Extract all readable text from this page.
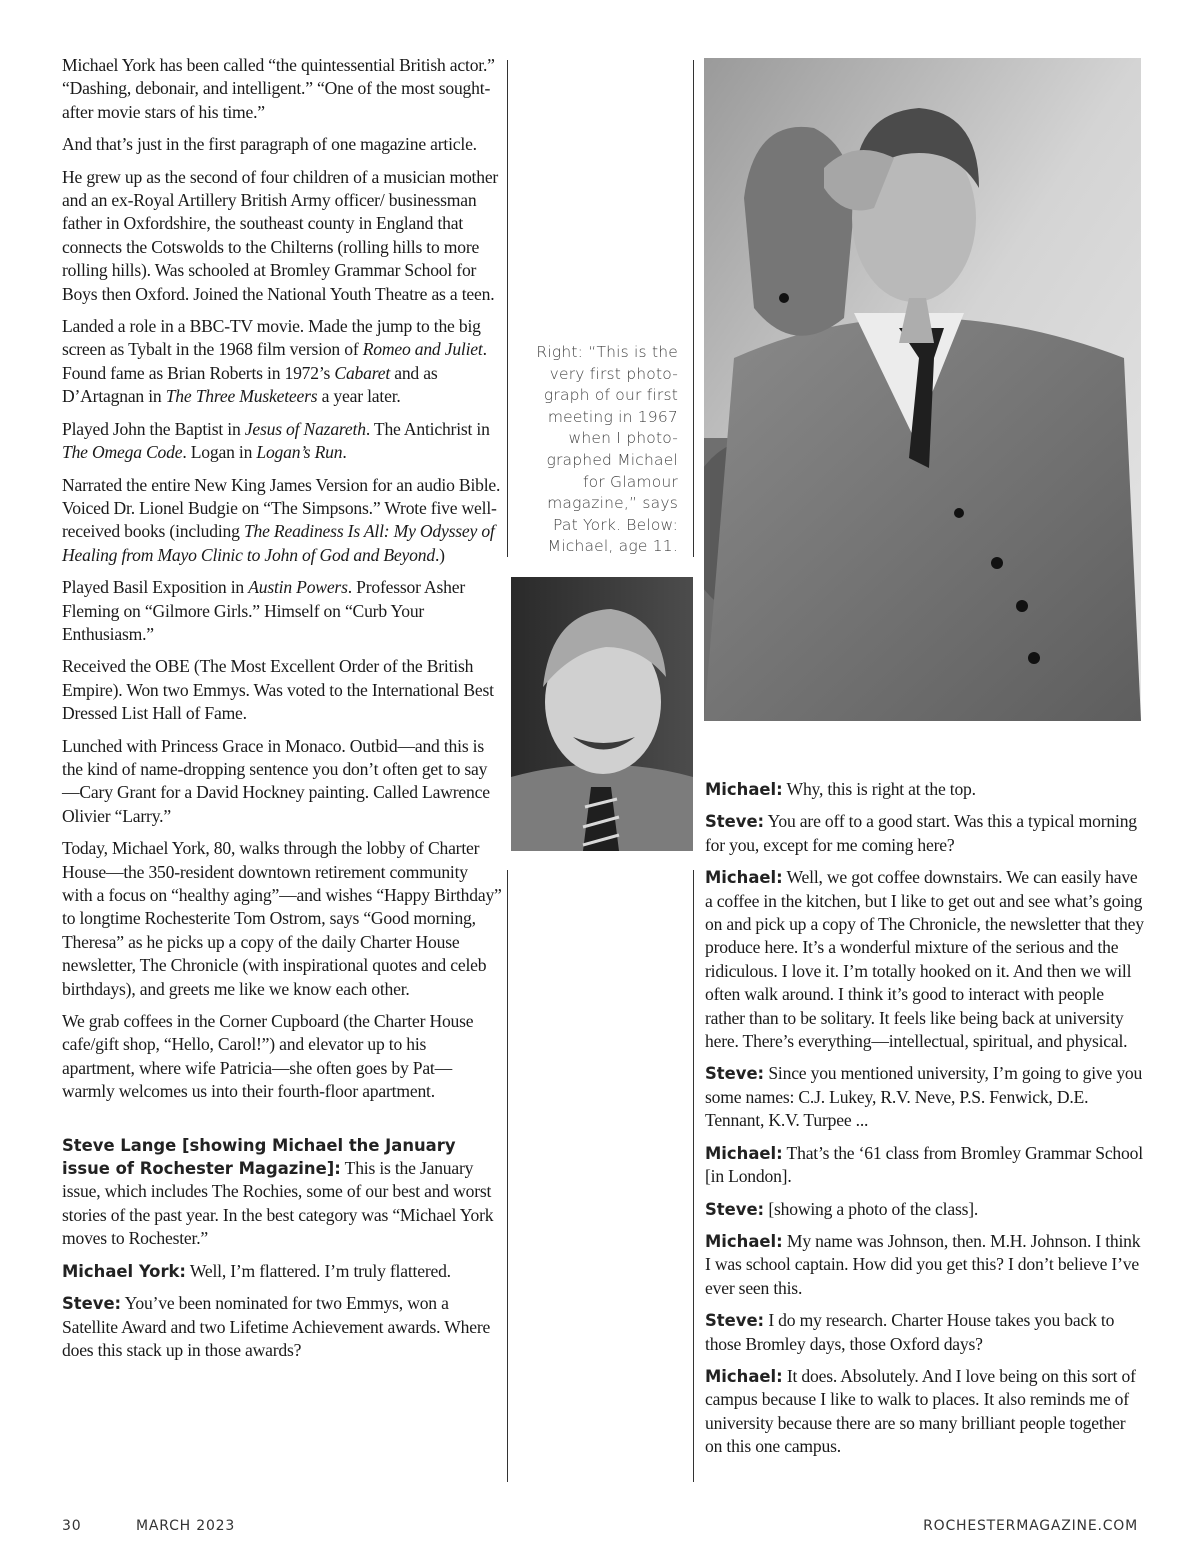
Michael York has been called “the quintessential British actor.” “Dashing, debonair, and intelligent.” “One of the most sought-after movie stars of his time.”

And that’s just in the first paragraph of one magazine article.

He grew up as the second of four children of a musician mother and an ex-Royal Artillery British Army officer/ businessman father in Oxfordshire, the southeast county in England that connects the Cotswolds to the Chilterns (rolling hills to more rolling hills). Was schooled at Bromley Grammar School for Boys then Oxford. Joined the National Youth Theatre as a teen.

Landed a role in a BBC-TV movie. Made the jump to the big screen as Tybalt in the 1968 film version of Romeo and Juliet. Found fame as Brian Roberts in 1972’s Cabaret and as D’Artagnan in The Three Musketeers a year later.

Played John the Baptist in Jesus of Nazareth. The Antichrist in The Omega Code. Logan in Logan’s Run.

Narrated the entire New King James Version for an audio Bible. Voiced Dr. Lionel Budgie on “The Simpsons.” Wrote five well-received books (including The Readiness Is All: My Odyssey of Healing from Mayo Clinic to John of God and Beyond.)

Played Basil Exposition in Austin Powers. Professor Asher Fleming on “Gilmore Girls.” Himself on “Curb Your Enthusiasm.”

Received the OBE (The Most Excellent Order of the British Empire). Won two Emmys. Was voted to the International Best Dressed List Hall of Fame.

Lunched with Princess Grace in Monaco. Outbid—and this is the kind of name-dropping sentence you don’t often get to say—Cary Grant for a David Hockney painting. Called Lawrence Olivier “Larry.”

Today, Michael York, 80, walks through the lobby of Charter House—the 350-resident downtown retirement community with a focus on “healthy aging”—and wishes “Happy Birthday” to longtime Rochesterite Tom Ostrom, says “Good morning, Theresa” as he picks up a copy of the daily Charter House newsletter, The Chronicle (with inspirational quotes and celeb birthdays), and greets me like we know each other.

We grab coffees in the Corner Cupboard (the Charter House cafe/gift shop, “Hello, Carol!”) and elevator up to his apartment, where wife Patricia—she often goes by Pat—warmly welcomes us into their fourth-floor apartment.

Steve Lange [showing Michael the January issue of Rochester Magazine]: This is the January issue, which includes The Rochies, some of our best and worst stories of the past year. In the best category was “Michael York moves to Rochester.”

Michael York: Well, I’m flattered. I’m truly flattered.

Steve: You’ve been nominated for two Emmys, won a Satellite Award and two Lifetime Achievement awards. Where does this stack up in those awards?

Right: “This is the
very first photo-
graph of our first
meeting in 1967
when I photo-
graphed Michael
for Glamour
magazine,” says
Pat York. Below:
Michael, age 11.

Michael: Why, this is right at the top.

Steve: You are off to a good start. Was this a typical morning for you, except for me coming here?

Michael: Well, we got coffee downstairs. We can easily have a coffee in the kitchen, but I like to get out and see what’s going on and pick up a copy of The Chronicle, the newsletter that they produce here. It’s a wonderful mixture of the serious and the ridiculous. I love it. I’m totally hooked on it. And then we will often walk around. I think it’s good to interact with people rather than to be solitary. It feels like being back at university here. There’s everything—intellectual, spiritual, and physical.

Steve: Since you mentioned university, I’m going to give you some names: C.J. Lukey, R.V. Neve, P.S. Fenwick, D.E. Tennant, K.V. Turpee ...

Michael: That’s the ‘61 class from Bromley Grammar School [in London].

Steve: [showing a photo of the class].

Michael: My name was Johnson, then. M.H. Johnson. I think I was school captain. How did you get this? I don’t believe I’ve ever seen this.

Steve: I do my research. Charter House takes you back to those Bromley days, those Oxford days?

Michael: It does. Absolutely. And I love being on this sort of campus because I like to walk to places. It also reminds me of university because there are so many brilliant people together on this one campus.

30	MARCH 2023	ROCHESTERMAGAZINE.COM
